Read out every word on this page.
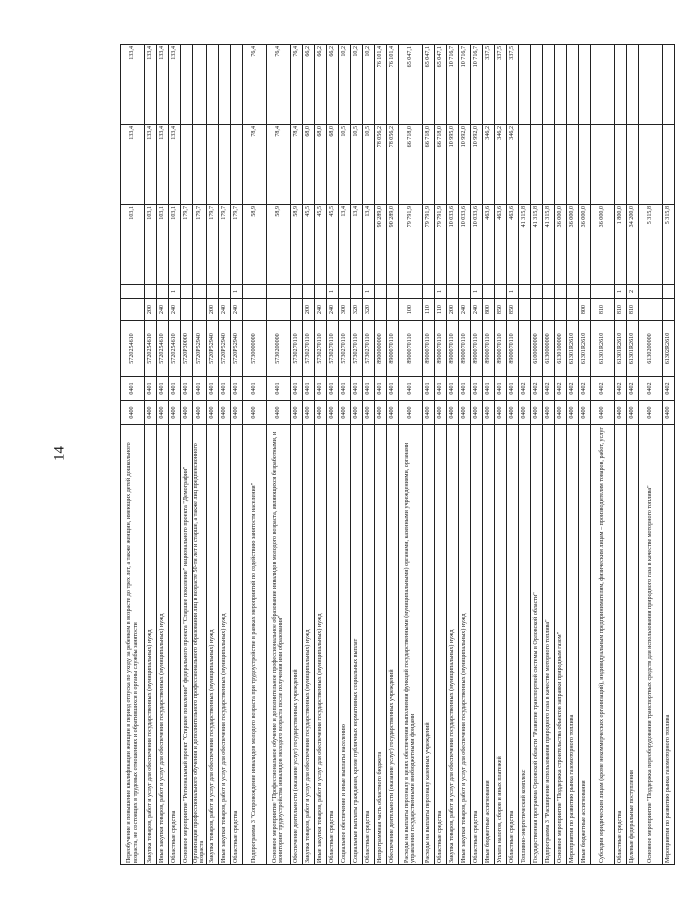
14	Переобучение и повышение квалификации женщин в период отпуска по уходу за ребенком в возрасте до трех лет, а также женщин, имеющих детей дошкольного возраста, не состоящих в трудовых отношениях и обратившихся в органы службы занятости	0400	0401	5720254610			103,1	133,4	133,4
Закупка товаров, работ и услуг для обеспечения государственных (муниципальных) нужд	0400	0401	5720254610	200		103,1	133,4	133,4
Иные закупки товаров, работ и услуг для обеспечения государственных (муниципальных) нужд	0400	0401	5720254610	240		103,1	133,4	133,4
Областные средства	0400	0401	5720254610	240	1	103,1	133,4	133,4
Основное мероприятие "Региональный проект "Старшее поколение" федерального проекта "Старшее поколение" национального проекта "Демография"	0400	0401	5720P30000			179,7		
Организация профессионального обучения и дополнительного профессионального образования лиц в возрасте 50-ти лет и старше, а также лиц предпенсионного возраста	0400	0401	5720P52940			179,7		
Закупка товаров, работ и услуг для обеспечения государственных (муниципальных) нужд	0400	0401	5720P52940	200		179,7		
Иные закупки товаров, работ и услуг для обеспечения государственных (муниципальных) нужд	0400	0401	5720P52940	240		179,7		
Областные средства	0400	0401	5720P52940	240	1	179,7		
Подпрограмма 3 "Сопровождение инвалидов молодого возраста при трудоустройстве в рамках мероприятий по содействию занятости населения"	0400	0401	5730000000			58,9	78,4	76,4
Основное мероприятие "Профессиональное обучение и дополнительное профессиональное образование инвалидов молодого возраста, являющихся безработными, и мониторинг трудоустройства инвалидов молодого возраста после получения ими образования"	0400	0401	5730200000			58,9	78,4	76,4
Обеспечение деятельности (оказание услуг) государственных учреждений	0400	0401	5730270110			58,9	78,4	76,4
Закупка товаров, работ и услуг для обеспечения государственных (муниципальных) нужд	0400	0401	5730270110	200		45,5	68,0	66,2
Иные закупки товаров, работ и услуг для обеспечения государственных (муниципальных) нужд	0400	0401	5730270110	240		45,5	68,0	66,2
Областные средства	0400	0401	5730270110	240	1	45,5	68,0	66,2
Социальное обеспечение и иные выплаты населению	0400	0401	5730270110	300		13,4	10,5	10,2
Социальные выплаты гражданам, кроме публичных нормативных социальных выплат	0400	0401	5730270110	320		13,4	10,5	10,2
Областные средства	0400	0401	5730270110	320	1	13,4	10,5	10,2
Непрограммная часть областного бюджета	0400	0401	8900000000			90 289,0	78 056,2	76 101,4
Обеспечение деятельности (оказание услуг) государственных учреждений	0400	0401	8900070110			90 289,0	78 056,2	76 101,4
Расходы на выплаты персоналу в целях обеспечения выполнения функций государственными (муниципальными) органами, казенными учреждениями, органами управления государственными внебюджетными фондами	0400	0401	8900070110	100		79 791,9	66 718,0	65 047,1
Расходы на выплаты персоналу казенных учреждений	0400	0401	8900070110	110		79 791,9	66 718,0	65 047,1
Областные средства	0400	0401	8900070110	110	1	79 791,9	66 718,0	65 047,1
Закупка товаров, работ и услуг для обеспечения государственных (муниципальных) нужд	0400	0401	8900070110	200		10 033,6	10 995,0	10 716,7
Иные закупки товаров, работ и услуг для обеспечения государственных (муниципальных) нужд	0400	0401	8900070110	240		10 033,6	10 992,0	10 716,7
Областные средства	0400	0401	8900070110	240	1	10 033,6	10 992,0	10 716,7
Иные бюджетные ассигнования	0400	0401	8900070110	800		463,6	346,2	337,5
Уплата налогов, сборов и иных платежей	0400	0401	8900070110	850		463,6	346,2	337,5
Областные средства	0400	0401	8900070110	850	1	463,6	346,2	337,5
Топливно-энергетический комплекс	0400	0402				41 315,8		
Государственная программа Орловской области "Развитие транспортной системы в Орловской области"	0400	0402	6100000000			41 315,8		
Подпрограмма 3 "Расширение использования природного газа в качестве моторного топлива"	0400	0402	6130000000			41 315,8		
Основное мероприятие "Поддержка строительства объектов заправки природным газом"	0400	0402	6130100000			36 000,0		
Мероприятия по развитию рынка газомоторного топлива	0400	0402	61301R2610			36 000,0		
Иные бюджетные ассигнования	0400	0402	61301R2610	800		36 000,0		
Субсидии юридическим лицам (кроме некоммерческих организаций), индивидуальным предпринимателям, физическим лицам – производителям товаров, работ, услуг	0400	0402	61301R2610	810		36 000,0		
Областные средства	0400	0402	61301R2610	810	1	1 800,0		
Целевые федеральные поступления	0400	0402	61301R2610	810	2	34 200,0		
Основное мероприятие "Поддержка переоборудования транспортных средств для использования природного газа в качестве моторного топлива"	0400	0402	6130200000			5 315,8		
Мероприятия по развитию рынка газомоторного топлива	0400	0402	61302R2610			5 315,8		
